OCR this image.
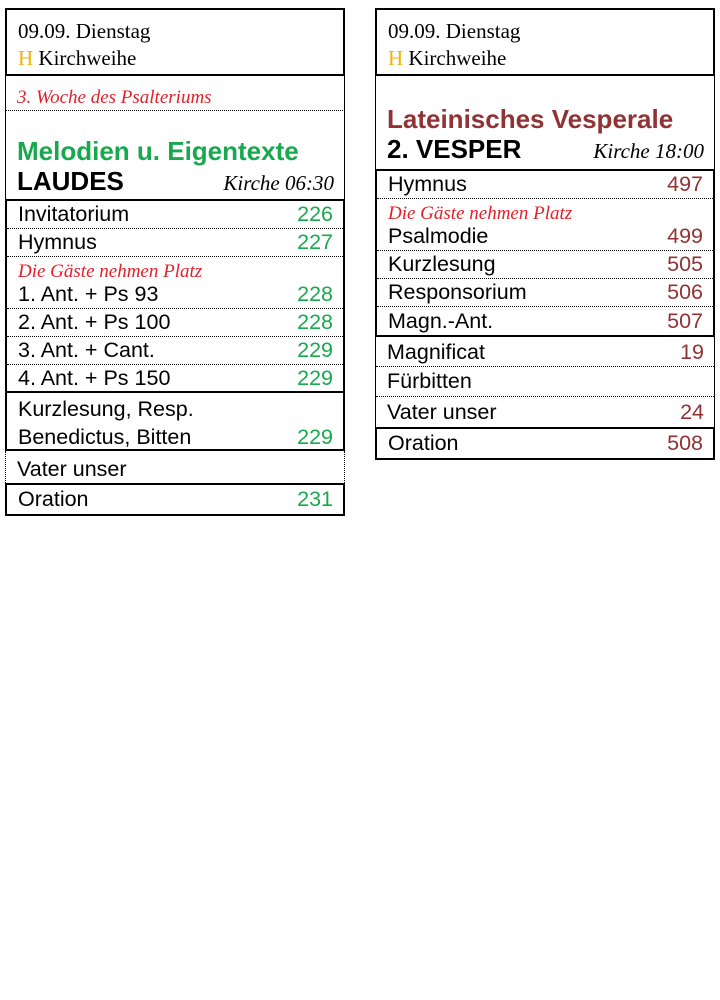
09.09. Dienstag
H Kirchweihe
3. Woche des Psalteriums
Melodien u. Eigentexte
LAUDES	Kirche 06:30
Invitatorium	226
Hymnus	227
Die Gäste nehmen Platz
1. Ant. + Ps 93	228
2. Ant. + Ps 100	228
3. Ant. + Cant.	229
4. Ant. + Ps 150	229
Kurzlesung, Resp.
Benedictus, Bitten	229
Vater unser
Oration	231
09.09. Dienstag
H Kirchweihe
Lateinisches Vesperale
2. VESPER	Kirche 18:00
Hymnus	497
Die Gäste nehmen Platz
Psalmodie	499
Kurzlesung	505
Responsorium	506
Magn.-Ant.	507
Magnificat	19
Fürbitten
Vater unser	24
Oration	508
